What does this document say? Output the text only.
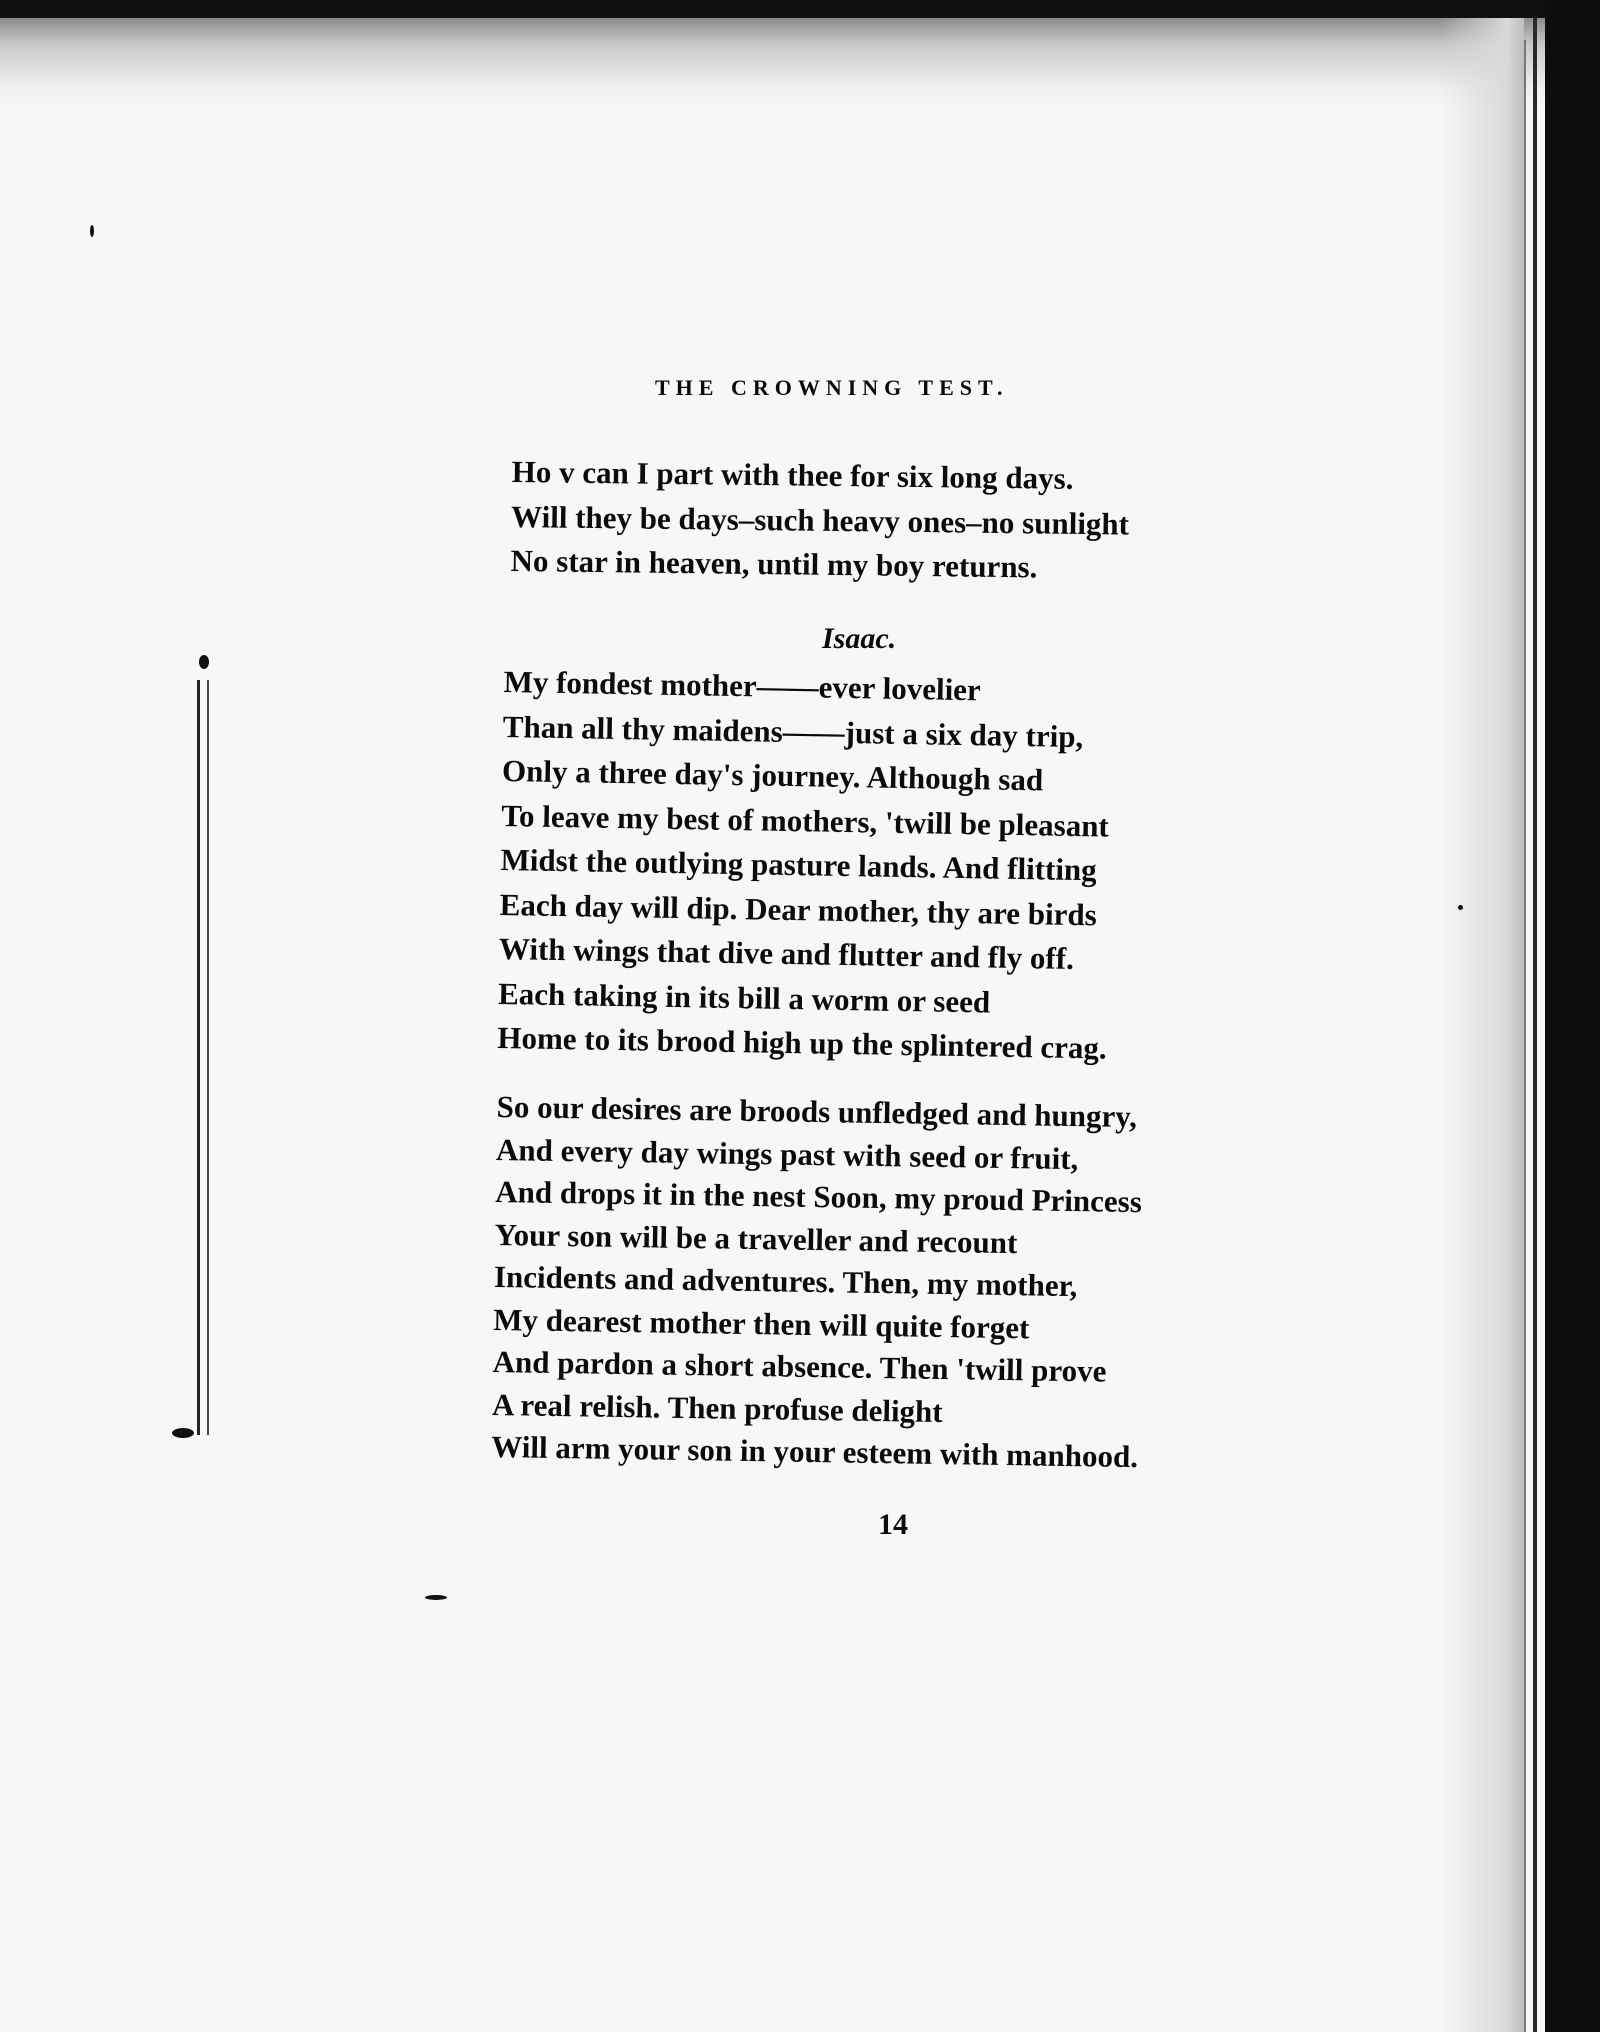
THE CROWNING TEST.
Ho v can I part with thee for six long days.
Will they be days–such heavy ones–no sunlight
No star in heaven, until my boy returns.
Isaac.
My fondest mother——ever lovelier
Than all thy maidens——just a six day trip,
Only a three day's journey. Although sad
To leave my best of mothers, 'twill be pleasant
Midst the outlying pasture lands. And flitting
Each day will dip. Dear mother, thy are birds
With wings that dive and flutter and fly off.
Each taking in its bill a worm or seed
Home to its brood high up the splintered crag.
So our desires are broods unfledged and hungry,
And every day wings past with seed or fruit,
And drops it in the nest Soon, my proud Princess
Your son will be a traveller and recount
Incidents and adventures. Then, my mother,
My dearest mother then will quite forget
And pardon a short absence. Then 'twill prove
A real relish. Then profuse delight
Will arm your son in your esteem with manhood.
14
